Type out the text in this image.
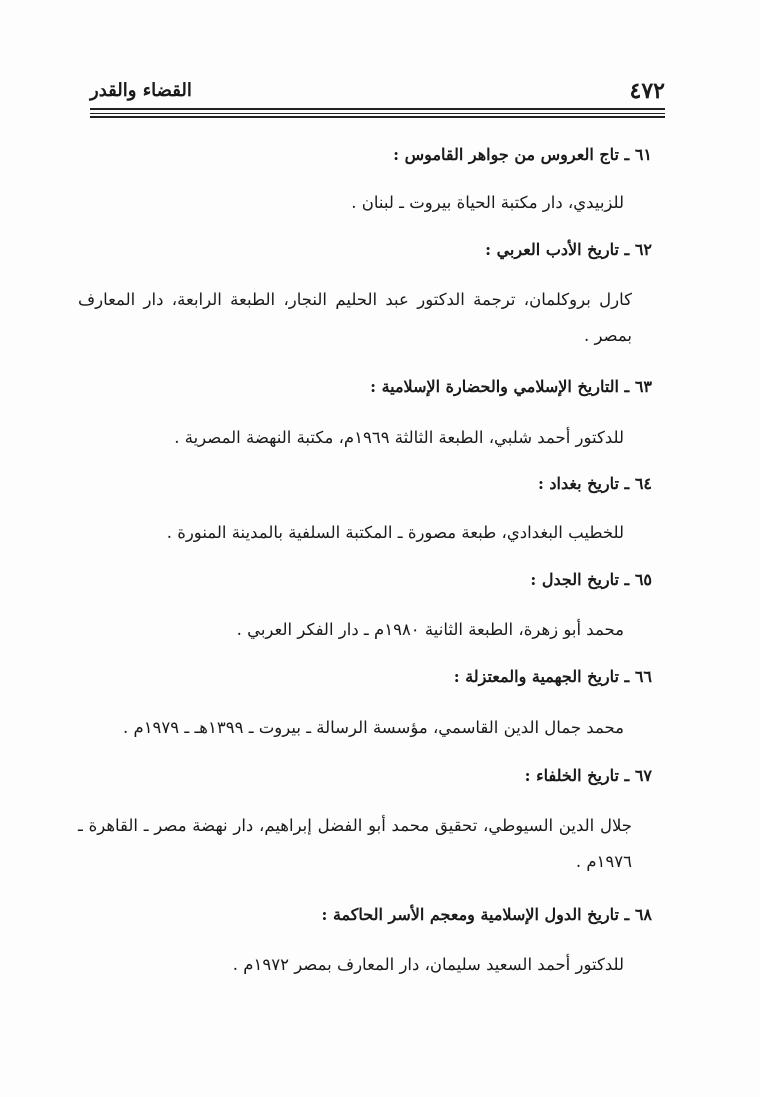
٤٧٢
القضاء والقدر
٦١ ـ تاج العروس من جواهر القاموس :
للزبيدي، دار مكتبة الحياة بيروت ـ لبنان .
٦٢ ـ تاريخ الأدب العربي :
كارل بروكلمان، ترجمة الدكتور عبد الحليم النجار، الطبعة الرابعة، دار المعارف بمصر .
٦٣ ـ التاريخ الإسلامي والحضارة الإسلامية :
للدكتور أحمد شلبي، الطبعة الثالثة ١٩٦٩م، مكتبة النهضة المصرية .
٦٤ ـ تاريخ بغداد :
للخطيب البغدادي، طبعة مصورة ـ المكتبة السلفية بالمدينة المنورة .
٦٥ ـ تاريخ الجدل :
محمد أبو زهرة، الطبعة الثانية ١٩٨٠م ـ دار الفكر العربي .
٦٦ ـ تاريخ الجهمية والمعتزلة :
محمد جمال الدين القاسمي، مؤسسة الرسالة ـ بيروت ـ ١٣٩٩هـ ـ ١٩٧٩م .
٦٧ ـ تاريخ الخلفاء :
جلال الدين السيوطي، تحقيق محمد أبو الفضل إبراهيم، دار نهضة مصر ـ القاهرة ـ ١٩٧٦م .
٦٨ ـ تاريخ الدول الإسلامية ومعجم الأسر الحاكمة :
للدكتور أحمد السعيد سليمان، دار المعارف بمصر ١٩٧٢م .
